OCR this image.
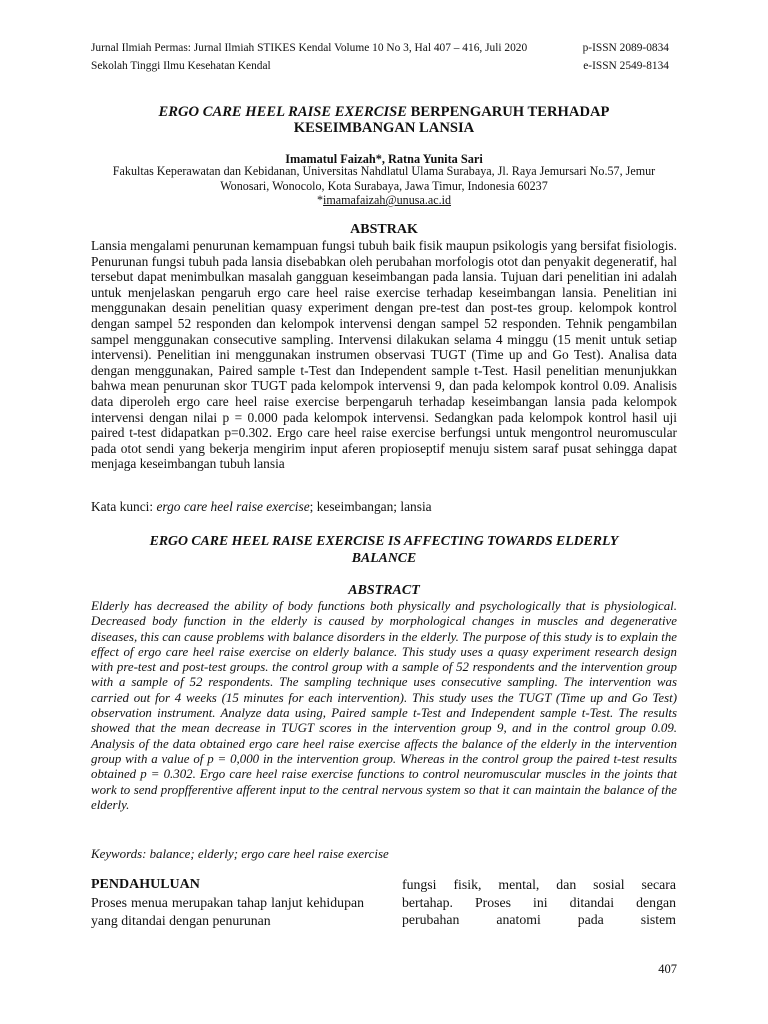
Jurnal Ilmiah Permas: Jurnal Ilmiah STIKES Kendal Volume 10 No 3, Hal 407 – 416, Juli 2020	p-ISSN 2089-0834
Sekolah Tinggi Ilmu Kesehatan Kendal	e-ISSN 2549-8134
ERGO CARE HEEL RAISE EXERCISE BERPENGARUH TERHADAP
KESEIMBANGAN LANSIA
Imamatul Faizah*, Ratna Yunita Sari
Fakultas Keperawatan dan Kebidanan, Universitas Nahdlatul Ulama Surabaya, Jl. Raya Jemursari No.57, Jemur
Wonosari, Wonocolo, Kota Surabaya, Jawa Timur, Indonesia 60237
*imamafaizah@unusa.ac.id
ABSTRAK
Lansia mengalami penurunan kemampuan fungsi tubuh baik fisik maupun psikologis yang bersifat fisiologis. Penurunan fungsi tubuh pada lansia disebabkan oleh perubahan morfologis otot dan penyakit degeneratif, hal tersebut dapat menimbulkan masalah gangguan keseimbangan pada lansia. Tujuan dari penelitian ini adalah untuk menjelaskan pengaruh ergo care heel raise exercise terhadap keseimbangan lansia. Penelitian ini menggunakan desain penelitian quasy experiment dengan pre-test dan post-tes group. kelompok kontrol dengan sampel 52 responden dan kelompok intervensi dengan sampel 52 responden. Tehnik pengambilan sampel menggunakan consecutive sampling. Intervensi dilakukan selama 4 minggu (15 menit untuk setiap intervensi). Penelitian ini menggunakan instrumen observasi TUGT (Time up and Go Test). Analisa data dengan menggunakan, Paired sample t-Test dan Independent sample t-Test. Hasil penelitian menunjukkan bahwa mean penurunan skor TUGT pada kelompok intervensi 9, dan pada kelompok kontrol 0.09. Analisis data diperoleh ergo care heel raise exercise berpengaruh terhadap keseimbangan lansia pada kelompok intervensi dengan nilai p = 0.000 pada kelompok intervensi. Sedangkan pada kelompok kontrol hasil uji paired t-test didapatkan p=0.302. Ergo care heel raise exercise berfungsi untuk mengontrol neuromuscular pada otot sendi yang bekerja mengirim input aferen propioseptif menuju sistem saraf pusat sehingga dapat menjaga keseimbangan tubuh lansia
Kata kunci: ergo care heel raise exercise; keseimbangan; lansia
ERGO CARE HEEL RAISE EXERCISE IS AFFECTING TOWARDS ELDERLY
BALANCE
ABSTRACT
Elderly has decreased the ability of body functions both physically and psychologically that is physiological. Decreased body function in the elderly is caused by morphological changes in muscles and degenerative diseases, this can cause problems with balance disorders in the elderly. The purpose of this study is to explain the effect of ergo care heel raise exercise on elderly balance. This study uses a quasy experiment research design with pre-test and post-test groups. the control group with a sample of 52 respondents and the intervention group with a sample of 52 respondents. The sampling technique uses consecutive sampling. The intervention was carried out for 4 weeks (15 minutes for each intervention). This study uses the TUGT (Time up and Go Test) observation instrument. Analyze data using, Paired sample t-Test and Independent sample t-Test. The results showed that the mean decrease in TUGT scores in the intervention group 9, and in the control group 0.09. Analysis of the data obtained ergo care heel raise exercise affects the balance of the elderly in the intervention group with a value of p = 0,000 in the intervention group. Whereas in the control group the paired t-test results obtained p = 0.302. Ergo care heel raise exercise functions to control neuromuscular muscles in the joints that work to send propfferentive afferent input to the central nervous system so that it can maintain the balance of the elderly.
Keywords: balance; elderly; ergo care heel raise exercise
PENDAHULUAN
Proses menua merupakan tahap lanjut kehidupan yang ditandai dengan penurunan
fungsi fisik, mental, dan sosial secara
bertahap. Proses ini ditandai dengan
perubahan anatomi pada sistem
407
